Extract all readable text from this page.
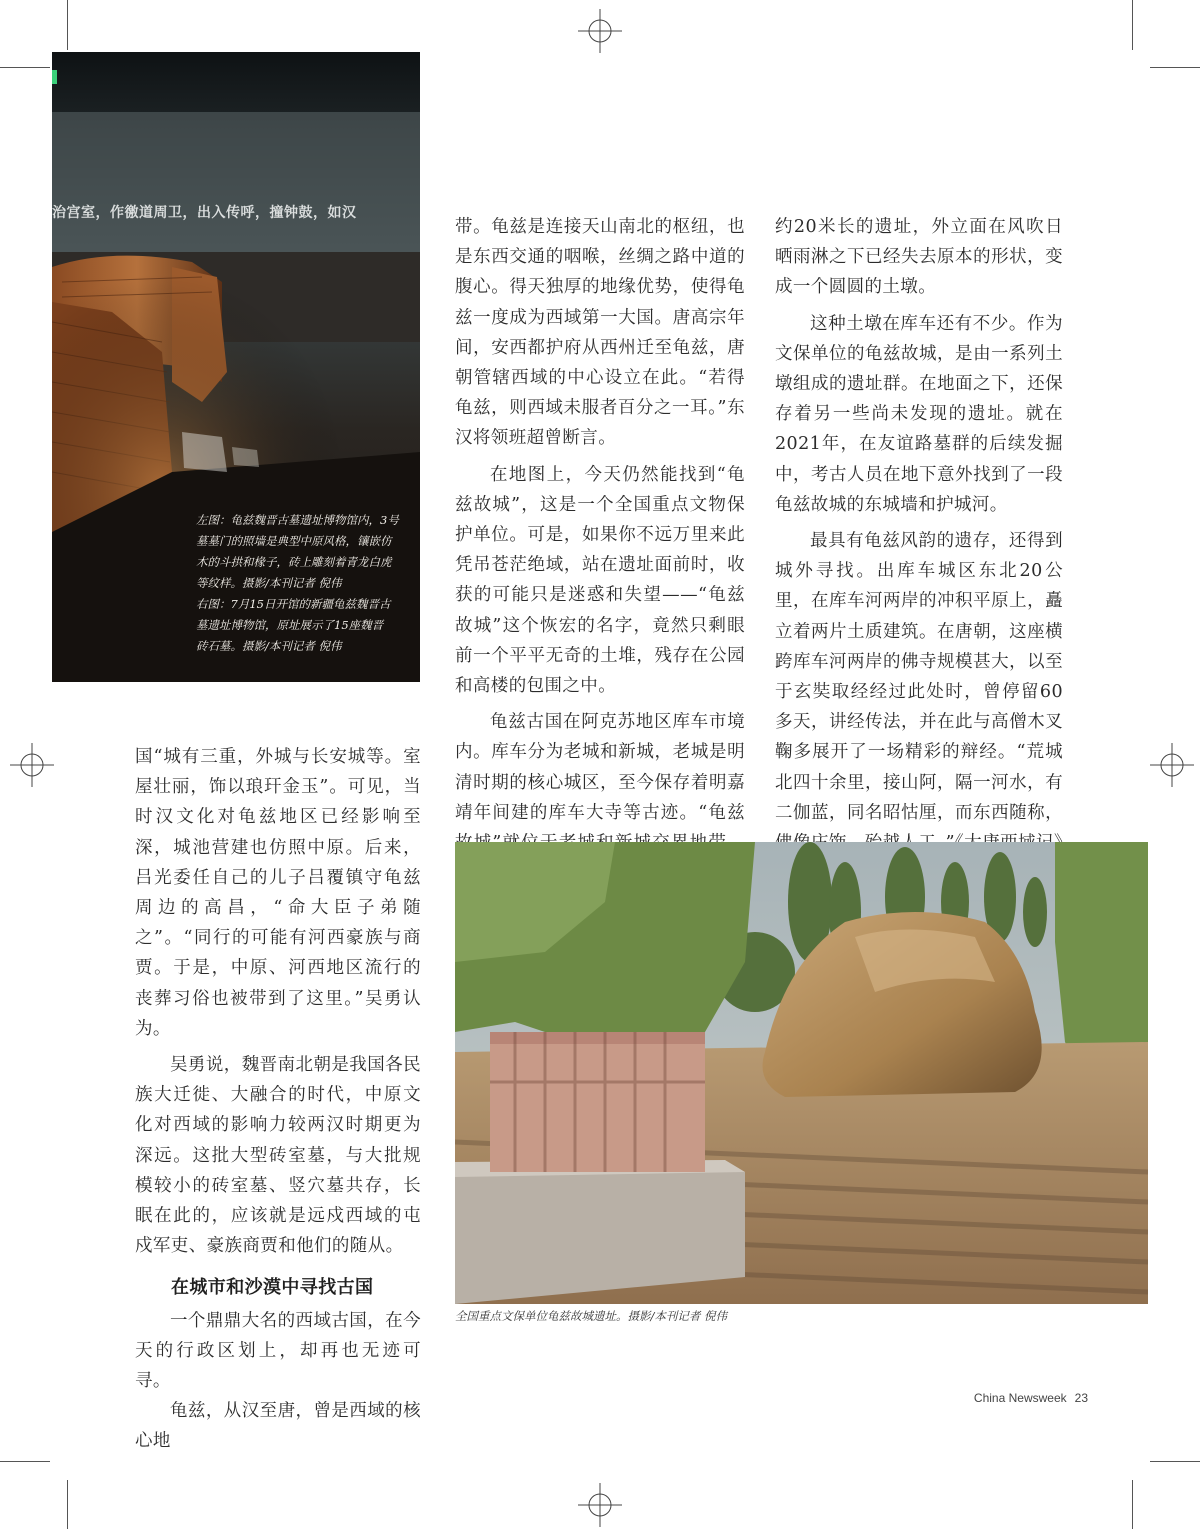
治宫室，作徼道周卫，出入传呼，撞钟鼓，如汉

左图：龟兹魏晋古墓遗址博物馆内，3号

墓墓门的照墙是典型中原风格，镶嵌仿

木的斗拱和椽子，砖上雕刻着青龙白虎

等纹样。摄影/本刊记者 倪伟

右图：7月15日开馆的新疆龟兹魏晋古

墓遗址博物馆，原址展示了15座魏晋

砖石墓。摄影/本刊记者 倪伟

国“城有三重，外城与长安城等。室屋壮丽，饰以琅玕金玉”。可见，当时汉文化对龟兹地区已经影响至深，城池营建也仿照中原。后来，吕光委任自己的儿子吕覆镇守龟兹周边的高昌，“命大臣子弟随之”。“同行的可能有河西豪族与商贾。于是，中原、河西地区流行的丧葬习俗也被带到了这里。”吴勇认为。

吴勇说，魏晋南北朝是我国各民族大迁徙、大融合的时代，中原文化对西域的影响力较两汉时期更为深远。这批大型砖室墓，与大批规模较小的砖室墓、竖穴墓共存，长眠在此的，应该就是远戍西域的屯戍军吏、豪族商贾和他们的随从。

在城市和沙漠中寻找古国

一个鼎鼎大名的西域古国，在今天的行政区划上，却再也无迹可寻。

龟兹，从汉至唐，曾是西域的核心地

带。龟兹是连接天山南北的枢纽，也是东西交通的咽喉，丝绸之路中道的腹心。得天独厚的地缘优势，使得龟兹一度成为西域第一大国。唐高宗年间，安西都护府从西州迁至龟兹，唐朝管辖西域的中心设立在此。“若得龟兹，则西域未服者百分之一耳。”东汉将领班超曾断言。

在地图上，今天仍然能找到“龟兹故城”，这是一个全国重点文物保护单位。可是，如果你不远万里来此凭吊苍茫绝域，站在遗址面前时，收获的可能只是迷惑和失望——“龟兹故城”这个恢宏的名字，竟然只剩眼前一个平平无奇的土堆，残存在公园和高楼的包围之中。

龟兹古国在阿克苏地区库车市境内。库车分为老城和新城，老城是明清时期的核心城区，至今保存着明嘉靖年间建的库车大寺等古迹。“龟兹

约20米长的遗址，外立面在风吹日晒雨淋之下已经失去原本的形状，变成一个圆圆的土墩。

这种土墩在库车还有不少。作为文保单位的龟兹故城，是由一系列土墩组成的遗址群。在地面之下，还保存着另一些尚未发现的遗址。就在2021年，在友谊路墓群的后续发掘中，考古人员在地下意外找到了一段龟兹故城的东城墙和护城河。

最具有龟兹风韵的遗存，还得到城外寻找。出库车城区东北20公里，在库车河两岸的冲积平原上，矗立着两片土质建筑。在唐朝，这座横跨库车河两岸的佛寺规模甚大，以至于玄奘取经经过此处时，曾停留60多天，讲经传法，并在此与高僧木叉鞠多展开了一场精彩的辩经。“荒城北四十余里，接山阿，隔一河水，有二伽蓝，同名昭怙厘，而东西随称，

全国重点文保单位龟兹故城遗址。摄影/本刊记者 倪伟
China Newsweek 23
